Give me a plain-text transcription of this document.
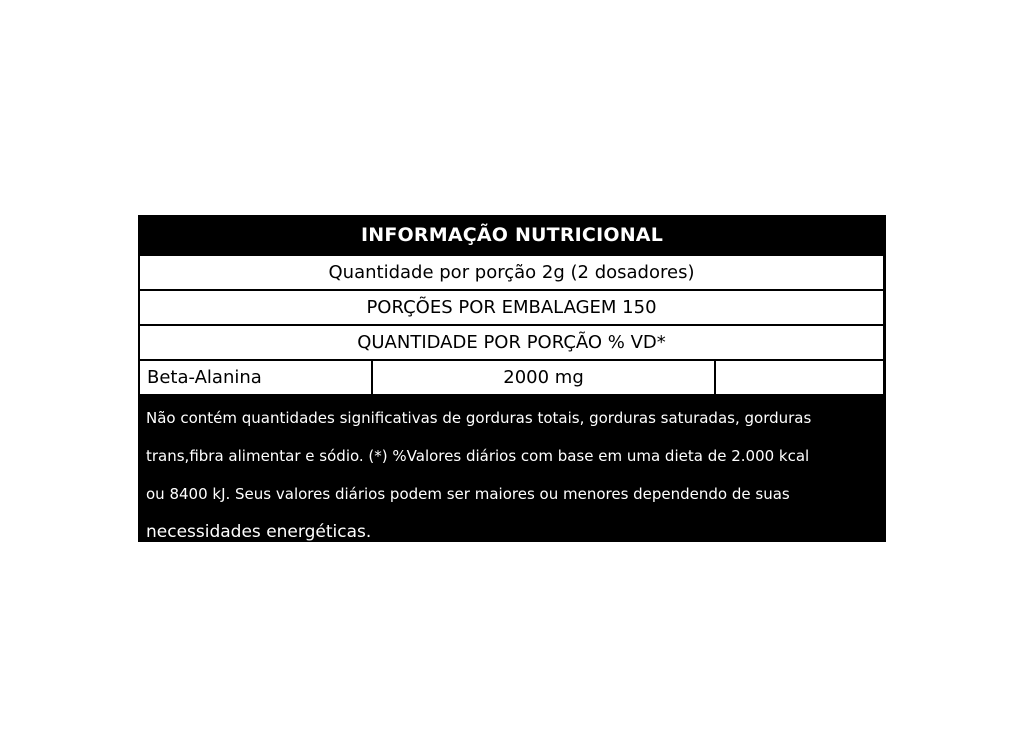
INFORMAÇÃO NUTRICIONAL
Quantidade por porção 2g (2 dosadores)
PORÇÕES POR EMBALAGEM 150
QUANTIDADE POR PORÇÃO % VD*
Beta-Alanina	2000 mg
Não contém quantidades significativas de gorduras totais, gorduras saturadas, gorduras
trans,fibra alimentar e sódio. (*) %Valores diários com base em uma dieta de 2.000 kcal
ou 8400 kJ. Seus valores diários podem ser maiores ou menores dependendo de suas
necessidades energéticas.
